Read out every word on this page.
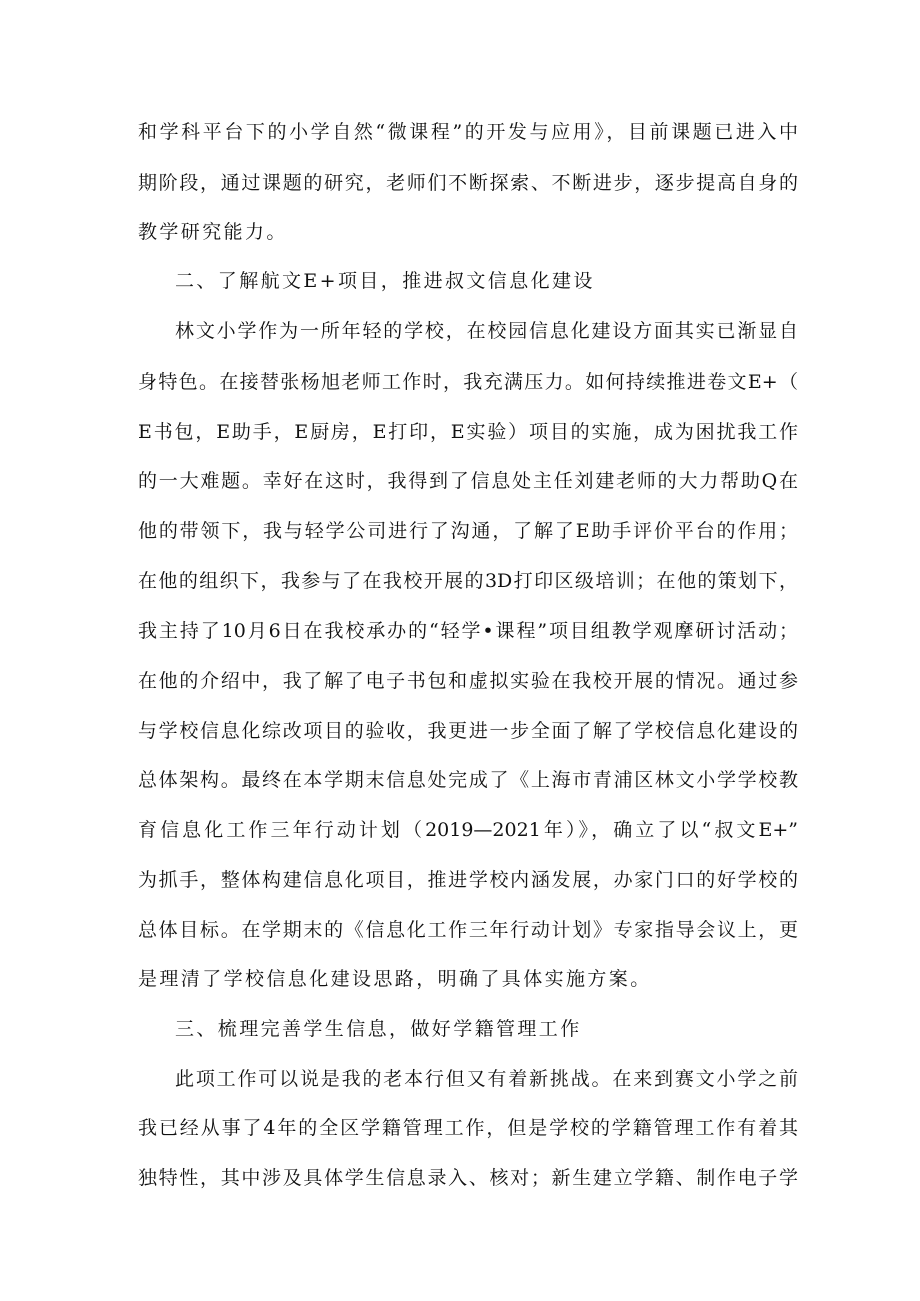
和学科平台下的小学自然“微课程”的开发与应用》，目前课题已进入中
期阶段，通过课题的研究，老师们不断探索、不断进步，逐步提高自身的
教学研究能力。
二、了解航文E+项目，推进叔文信息化建设
林文小学作为一所年轻的学校，在校园信息化建设方面其实已渐显自
身特色。在接替张杨旭老师工作时，我充满压力。如何持续推进卷文E+（
E书包，E助手，E厨房，E打印，E实验）项目的实施，成为困扰我工作
的一大难题。幸好在这时，我得到了信息处主任刘建老师的大力帮助Q在
他的带领下，我与轻学公司进行了沟通，了解了E助手评价平台的作用；
在他的组织下，我参与了在我校开展的3D打印区级培训；在他的策划下，
我主持了10月6日在我校承办的“轻学•课程”项目组教学观摩研讨活动；
在他的介绍中，我了解了电子书包和虚拟实验在我校开展的情况。通过参
与学校信息化综改项目的验收，我更进一步全面了解了学校信息化建设的
总体架构。最终在本学期末信息处完成了《上海市青浦区林文小学学校教
育信息化工作三年行动计划（2019—2021年）》，确立了以“叔文E+”
为抓手，整体构建信息化项目，推进学校内涵发展，办家门口的好学校的
总体目标。在学期末的《信息化工作三年行动计划》专家指导会议上，更
是理清了学校信息化建设思路，明确了具体实施方案。
三、梳理完善学生信息，做好学籍管理工作
此项工作可以说是我的老本行但又有着新挑战。在来到赛文小学之前
我已经从事了4年的全区学籍管理工作，但是学校的学籍管理工作有着其
独特性，其中涉及具体学生信息录入、核对；新生建立学籍、制作电子学
